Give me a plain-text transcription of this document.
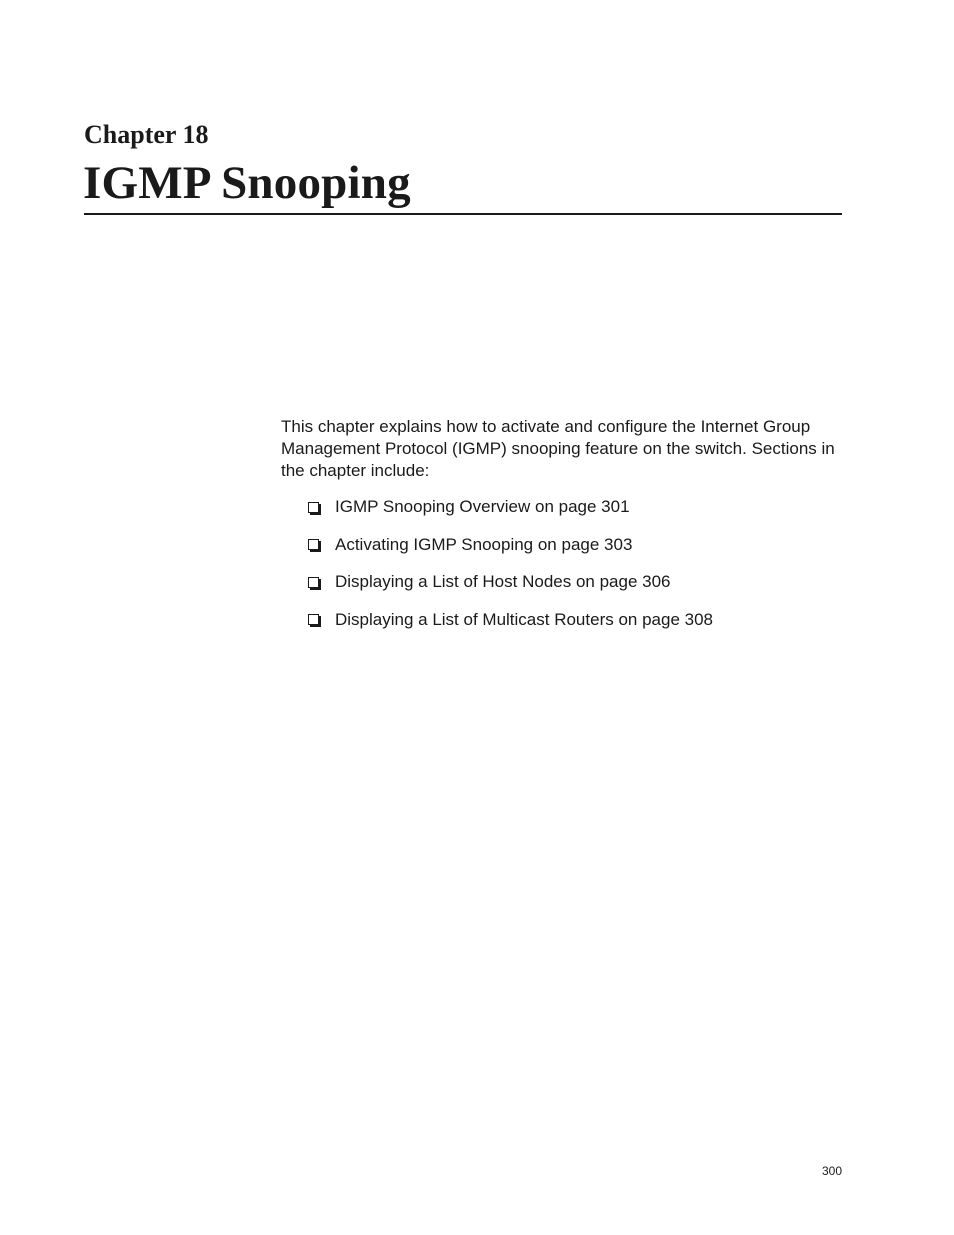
Chapter 18
IGMP Snooping

This chapter explains how to activate and configure the Internet Group Management Protocol (IGMP) snooping feature on the switch. Sections in the chapter include:

IGMP Snooping Overview on page 301
Activating IGMP Snooping on page 303
Displaying a List of Host Nodes on page 306
Displaying a List of Multicast Routers on page 308
300
